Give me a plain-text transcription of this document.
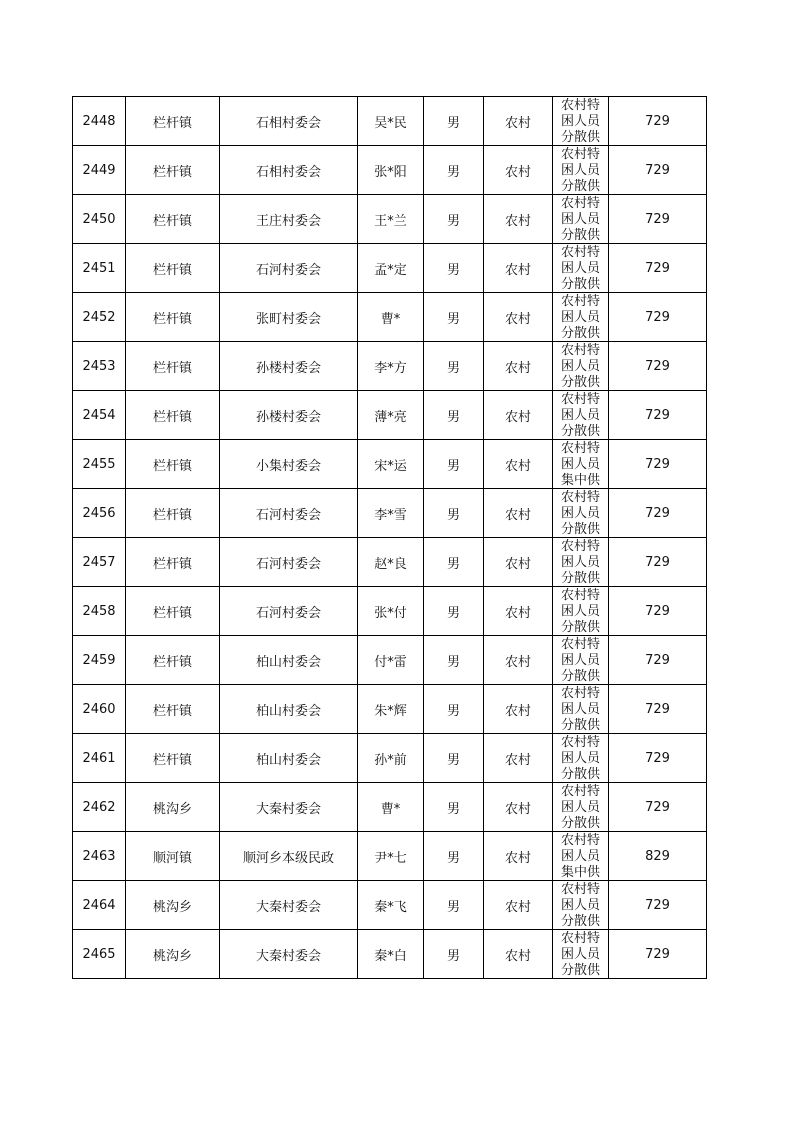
2448	栏杆镇	石相村委会	吴*民	男	农村	农村特
困人员
分散供	729
2449	栏杆镇	石相村委会	张*阳	男	农村	农村特
困人员
分散供	729
2450	栏杆镇	王庄村委会	王*兰	男	农村	农村特
困人员
分散供	729
2451	栏杆镇	石河村委会	孟*定	男	农村	农村特
困人员
分散供	729
2452	栏杆镇	张町村委会	曹*	男	农村	农村特
困人员
分散供	729
2453	栏杆镇	孙楼村委会	李*方	男	农村	农村特
困人员
分散供	729
2454	栏杆镇	孙楼村委会	薄*亮	男	农村	农村特
困人员
分散供	729
2455	栏杆镇	小集村委会	宋*运	男	农村	农村特
困人员
集中供	729
2456	栏杆镇	石河村委会	李*雪	男	农村	农村特
困人员
分散供	729
2457	栏杆镇	石河村委会	赵*良	男	农村	农村特
困人员
分散供	729
2458	栏杆镇	石河村委会	张*付	男	农村	农村特
困人员
分散供	729
2459	栏杆镇	柏山村委会	付*雷	男	农村	农村特
困人员
分散供	729
2460	栏杆镇	柏山村委会	朱*辉	男	农村	农村特
困人员
分散供	729
2461	栏杆镇	柏山村委会	孙*前	男	农村	农村特
困人员
分散供	729
2462	桃沟乡	大秦村委会	曹*	男	农村	农村特
困人员
分散供	729
2463	顺河镇	顺河乡本级民政	尹*七	男	农村	农村特
困人员
集中供	829
2464	桃沟乡	大秦村委会	秦*飞	男	农村	农村特
困人员
分散供	729
2465	桃沟乡	大秦村委会	秦*白	男	农村	农村特
困人员
分散供	729
